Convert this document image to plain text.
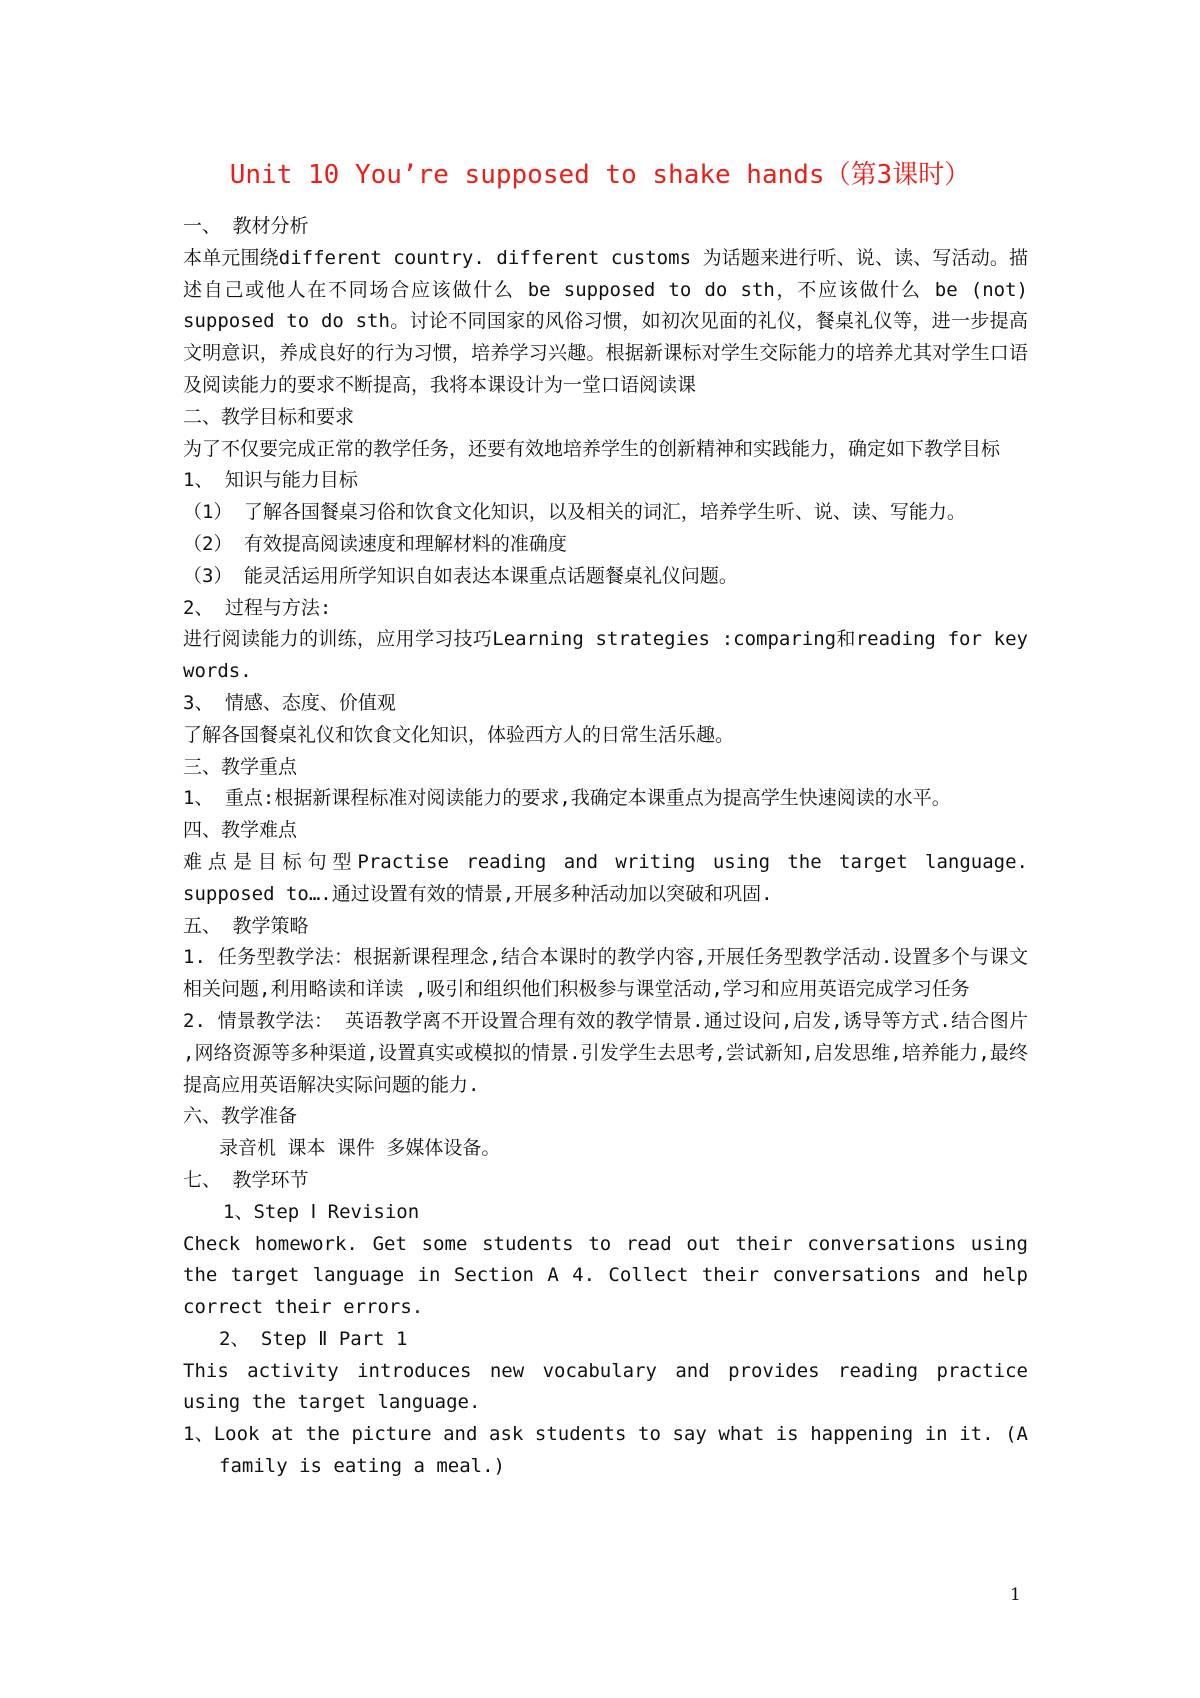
Unit 10 You’re supposed to shake hands（第3课时）

一、 教材分析

本单元围绕different country. different customs 为话题来进行听、说、读、写活动。描述自己或他人在不同场合应该做什么 be supposed to do sth，不应该做什么 be (not) supposed to do sth。讨论不同国家的风俗习惯，如初次见面的礼仪，餐桌礼仪等，进一步提高文明意识，养成良好的行为习惯，培养学习兴趣。根据新课标对学生交际能力的培养尤其对学生口语及阅读能力的要求不断提高，我将本课设计为一堂口语阅读课

二、教学目标和要求

为了不仅要完成正常的教学任务，还要有效地培养学生的创新精神和实践能力，确定如下教学目标

1、 知识与能力目标

（1） 了解各国餐桌习俗和饮食文化知识，以及相关的词汇，培养学生听、说、读、写能力。

（2） 有效提高阅读速度和理解材料的准确度

（3） 能灵活运用所学知识自如表达本课重点话题餐桌礼仪问题。

2、 过程与方法:

进行阅读能力的训练，应用学习技巧Learning strategies :comparing和reading for key words.

3、 情感、态度、价值观

了解各国餐桌礼仪和饮食文化知识，体验西方人的日常生活乐趣。

三、教学重点

1、 重点:根据新课程标准对阅读能力的要求,我确定本课重点为提高学生快速阅读的水平。

四、教学难点

难点是目标句型Practise reading and writing using the target language. supposed to….通过设置有效的情景,开展多种活动加以突破和巩固.

五、 教学策略

1. 任务型教学法：根据新课程理念,结合本课时的教学内容,开展任务型教学活动.设置多个与课文相关问题,利用略读和详读 ,吸引和组织他们积极参与课堂活动,学习和应用英语完成学习任务

2. 情景教学法： 英语教学离不开设置合理有效的教学情景.通过设问,启发,诱导等方式.结合图片 ,网络资源等多种渠道,设置真实或模拟的情景.引发学生去思考,尝试新知,启发思维,培养能力,最终提高应用英语解决实际问题的能力.

六、教学准备

录音机 课本 课件 多媒体设备。

七、 教学环节

1、Step Ⅰ Revision

Check homework. Get some students to read out their conversations using the target language in Section A 4. Collect their conversations and help correct their errors.

2、 Step Ⅱ Part 1

This activity introduces new vocabulary and provides reading practice using the target language.

1、Look at the picture and ask students to say what is happening in it. (A family is eating a meal.)

1
